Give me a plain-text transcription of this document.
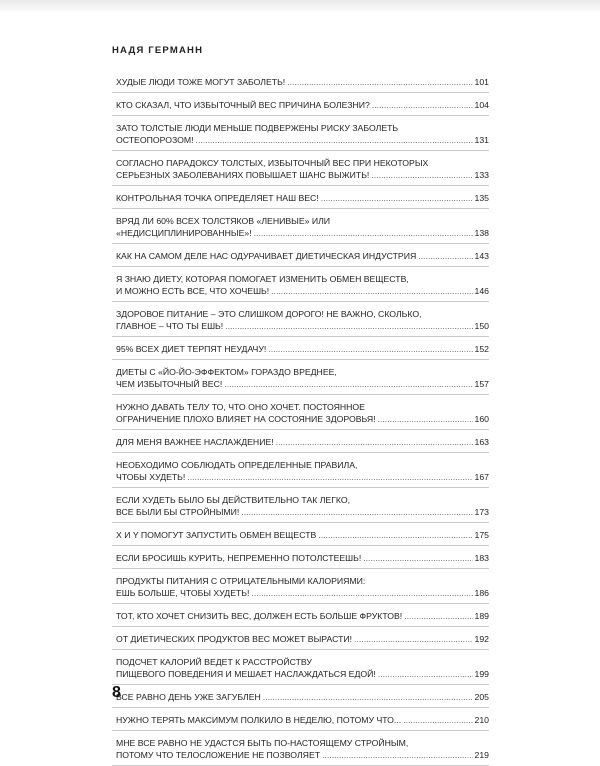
НАДЯ ГЕРМАНН
ХУДЫЕ ЛЮДИ ТОЖЕ МОГУТ ЗАБОЛЕТЬ! .....	101
КТО СКАЗАЛ, ЧТО ИЗБЫТОЧНЫЙ ВЕС ПРИЧИНА БОЛЕЗНИ? .....	104
ЗАТО ТОЛСТЫЕ ЛЮДИ МЕНЬШЕ ПОДВЕРЖЕНЫ РИСКУ ЗАБОЛЕТЬ
ОСТЕОПОРОЗОМ! .....	131
СОГЛАСНО ПАРАДОКСУ ТОЛСТЫХ, ИЗБЫТОЧНЫЙ ВЕС ПРИ НЕКОТОРЫХ
СЕРЬЕЗНЫХ ЗАБОЛЕВАНИЯХ ПОВЫШАЕТ ШАНС ВЫЖИТЬ! .....	133
КОНТРОЛЬНАЯ ТОЧКА ОПРЕДЕЛЯЕТ НАШ ВЕС! .....	135
ВРЯД ЛИ 60% ВСЕХ ТОЛСТЯКОВ «ЛЕНИВЫЕ» ИЛИ
«НЕДИСЦИПЛИНИРОВАННЫЕ»! .....	138
КАК НА САМОМ ДЕЛЕ НАС ОДУРАЧИВАЕТ ДИЕТИЧЕСКАЯ ИНДУСТРИЯ .....	143
Я ЗНАЮ ДИЕТУ, КОТОРАЯ ПОМОГАЕТ ИЗМЕНИТЬ ОБМЕН ВЕЩЕСТВ,
И МОЖНО ЕСТЬ ВСЕ, ЧТО ХОЧЕШЬ! .....	146
ЗДОРОВОЕ ПИТАНИЕ – ЭТО СЛИШКОМ ДОРОГО! НЕ ВАЖНО, СКОЛЬКО,
ГЛАВНОЕ – ЧТО ТЫ ЕШЬ! .....	150
95% ВСЕХ ДИЕТ ТЕРПЯТ НЕУДАЧУ! .....	152
ДИЕТЫ С «ЙО-ЙО-ЭФФЕКТОМ» ГОРАЗДО ВРЕДНЕЕ,
ЧЕМ ИЗБЫТОЧНЫЙ ВЕС! .....	157
НУЖНО ДАВАТЬ ТЕЛУ ТО, ЧТО ОНО ХОЧЕТ. ПОСТОЯННОЕ
ОГРАНИЧЕНИЕ ПЛОХО ВЛИЯЕТ НА СОСТОЯНИЕ ЗДОРОВЬЯ! .....	160
ДЛЯ МЕНЯ ВАЖНЕЕ НАСЛАЖДЕНИЕ! .....	163
НЕОБХОДИМО СОБЛЮДАТЬ ОПРЕДЕЛЕННЫЕ ПРАВИЛА,
ЧТОБЫ ХУДЕТЬ! .....	167
ЕСЛИ ХУДЕТЬ БЫЛО БЫ ДЕЙСТВИТЕЛЬНО ТАК ЛЕГКО,
ВСЕ БЫЛИ БЫ СТРОЙНЫМИ! .....	173
X И Y ПОМОГУТ ЗАПУСТИТЬ ОБМЕН ВЕЩЕСТВ .....	175
ЕСЛИ БРОСИШЬ КУРИТЬ, НЕПРЕМЕННО ПОТОЛСТЕЕШЬ! .....	183
ПРОДУКТЫ ПИТАНИЯ С ОТРИЦАТЕЛЬНЫМИ КАЛОРИЯМИ:
ЕШЬ БОЛЬШЕ, ЧТОБЫ ХУДЕТЬ! .....	186
ТОТ, КТО ХОЧЕТ СНИЗИТЬ ВЕС, ДОЛЖЕН ЕСТЬ БОЛЬШЕ ФРУКТОВ! .....	189
ОТ ДИЕТИЧЕСКИХ ПРОДУКТОВ ВЕС МОЖЕТ ВЫРАСТИ! .....	192
ПОДСЧЕТ КАЛОРИЙ ВЕДЕТ К РАССТРОЙСТВУ
ПИЩЕВОГО ПОВЕДЕНИЯ И МЕШАЕТ НАСЛАЖДАТЬСЯ ЕДОЙ! .....	199
ВСЕ РАВНО ДЕНЬ УЖЕ ЗАГУБЛЕН .....	205
НУЖНО ТЕРЯТЬ МАКСИМУМ ПОЛКИЛО В НЕДЕЛЮ, ПОТОМУ ЧТО... .....	210
МНЕ ВСЕ РАВНО НЕ УДАСТСЯ БЫТЬ ПО-НАСТОЯЩЕМУ СТРОЙНЫМ,
ПОТОМУ ЧТО ТЕЛОСЛОЖЕНИЕ НЕ ПОЗВОЛЯЕТ .....	219
8
